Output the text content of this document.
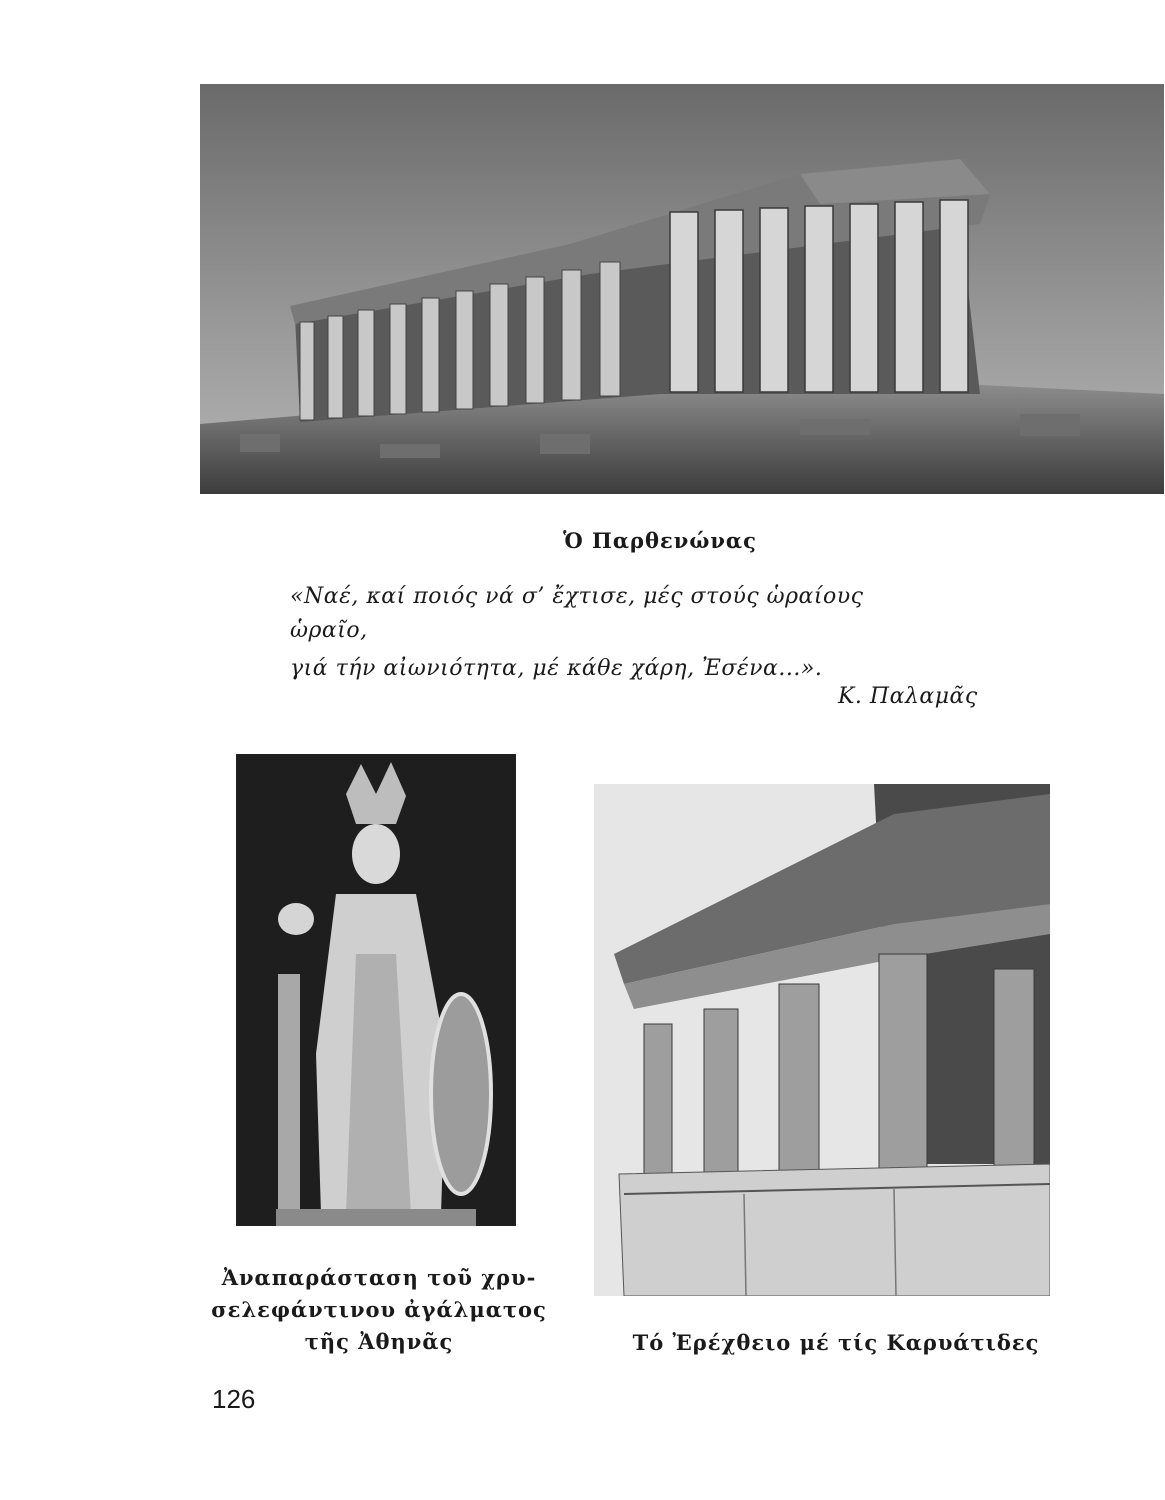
Ὁ Παρθενώνας
«Ναέ, καί ποιός νά σ’ ἔχτισε, μές στούς ὡραίους
ὡραῖο,
γιά τήν αἰωνιότητα, μέ κάθε χάρη, Ἐσένα...».
Κ. Παλαμᾶς
Ἀναπαράσταση τοῦ χρυ-
σελεφάντινου ἀγάλματος
τῆς Ἀθηνᾶς	Τό Ἐρέχθειο μέ τίς Καρυάτιδες
126
